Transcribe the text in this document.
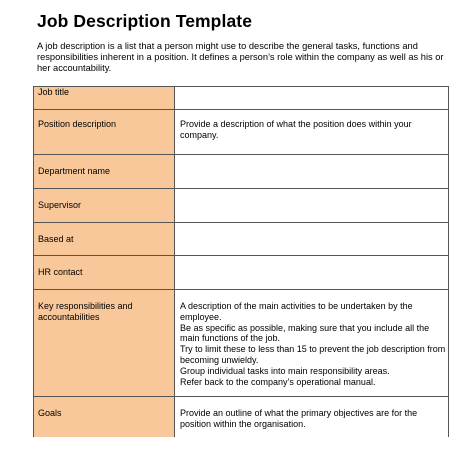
Job Description Template

A job description is a list that a person might use to describe the general tasks, functions and responsibilities inherent in a position. It defines a person’s role within the company as well as his or her accountability.

Job title	

Position description	Provide a description of what the position does within your company.

Department name	

Supervisor	

Based at	

HR contact	

Key responsibilities and accountabilities	A description of the main activities to be undertaken by the employee.
Be as specific as possible, making sure that you include all the main functions of the job.
Try to limit these to less than 15 to prevent the job description from becoming unwieldy.
Group individual tasks into main responsibility areas.
Refer back to the company’s operational manual.

Goals	Provide an outline of what the primary objectives are for the position within the organisation.
